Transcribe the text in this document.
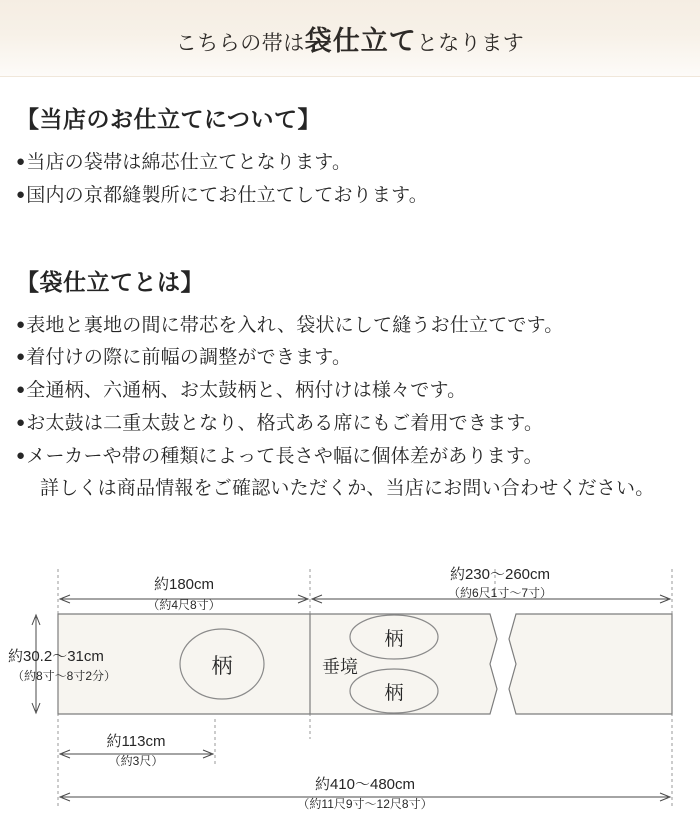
こちらの帯は袋仕立てとなります
【当店のお仕立てについて】

●当店の袋帯は綿芯仕立てとなります。

●国内の京都縫製所にてお仕立てしております。

【袋仕立てとは】

●表地と裏地の間に帯芯を入れ、袋状にして縫うお仕立てです。

●着付けの際に前幅の調整ができます。

●全通柄、六通柄、お太鼓柄と、柄付けは様々です。

●お太鼓は二重太鼓となり、格式ある席にもご着用できます。

●メーカーや帯の種類によって長さや幅に個体差があります。

詳しくは商品情報をご確認いただくか、当店にお問い合わせください。

柄
柄
柄
垂境
約180cm
（約4尺8寸）
約230〜260cm
（約6尺1寸〜7寸）
約30.2〜31cm
（約8寸〜8寸2分）
約113cm
（約3尺）
約410〜480cm
（約11尺9寸〜12尺8寸）
